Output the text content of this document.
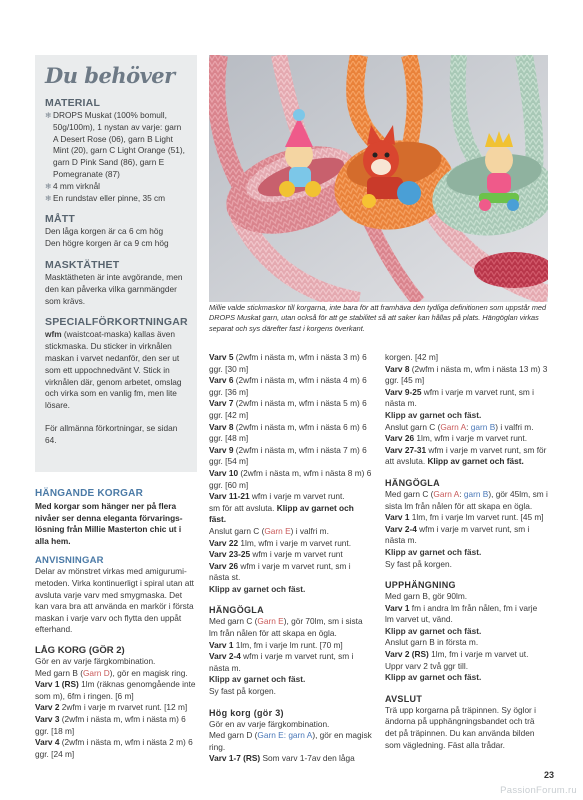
Du behöver
MATERIAL
❄ DROPS Muskat (100% bomull, 50g/100m), 1 nystan av varje: garn A Desert Rose (06), garn B Light Mint (20), garn C Light Orange (51), garn D Pink Sand (86), garn E Pomegranate (87)
❄ 4 mm virknål
❄ En rundstav eller pinne, 35 cm
MÅTT
Den låga korgen är ca 6 cm hög
Den högre korgen är ca 9 cm hög
MASKTÄTHET
Masktätheten är inte avgörande, men den kan påverka vilka garnmängder som krävs.
SPECIALFÖRKORTNINGAR
wfm (waistcoat-maska) kallas även stickmaska. Du sticker in virknålen maskan i varvet nedanför, den ser ut som ett uppochnedvänt V. Stick in virknålen där, genom arbetet, omslag och virka som en vanlig fm, men lite lösare.
För allmänna förkortningar, se sidan 64.
Millie valde stickmaskor till korgarna, inte bara för att framhäva den tydliga definitionen som uppstår med DROPS Muskat garn, utan också för att ge stabilitet så att saker kan hållas på plats. Hängöglan virkas separat och sys därefter fast i korgens överkant.
HÄNGANDE KORGAR
Med korgar som hänger ner på flera nivåer ser denna eleganta förvaringslösning från Millie Masterton chic ut i alla hem.
ANVISNINGAR
Delar av mönstret virkas med amigurumimetoden. Virka kontinuerligt i spiral utan att avsluta varje varv med smygmaska. Det kan vara bra att använda en markör i första maskan i varje varv och flytta den uppåt efterhand.
LÅG KORG (GÖR 2)
Gör en av varje färgkombination.
Med garn B (Garn D), gör en magisk ring.
Varv 1 (RS) 1lm (räknas genomgående inte som m), 6fm i ringen. [6 m]
Varv 2 2wfm i varje m rvarvet runt. [12 m]
Varv 3 (2wfm i nästa m, wfm i nästa m) 6 ggr. [18 m]
Varv 4 (2wfm i nästa m, wfm i nästa 2 m) 6 ggr. [24 m]
Varv 5 (2wfm i nästa m, wfm i nästa 3 m) 6 ggr. [30 m]
Varv 6 (2wfm i nästa m, wfm i nästa 4 m) 6 ggr. [36 m]
Varv 7 (2wfm i nästa m, wfm i nästa 5 m) 6 ggr. [42 m]
Varv 8 (2wfm i nästa m, wfm i nästa 6 m) 6 ggr. [48 m]
Varv 9 (2wfm i nästa m, wfm i nästa 7 m) 6 ggr. [54 m]
Varv 10 (2wfm i nästa m, wfm i nästa 8 m) 6 ggr. [60 m]
Varv 11-21 wfm i varje m varvet runt.
sm för att avsluta. Klipp av garnet och fäst.
Anslut garn C (Garn E) i valfri m.
Varv 22 1lm, wfm i varje m varvet runt.
Varv 23-25 wfm i varje m varvet runt
Varv 26 wfm i varje m varvet runt, sm i nästa st.
Klipp av garnet och fäst.
HÄNGÖGLA
Med garn C (Garn E), gör 70lm, sm i sista lm från nålen för att skapa en ögla.
Varv 1 1lm, fm i varje lm runt. [70 m]
Varv 2-4 wfm i varje m varvet runt, sm i nästa m.
Klipp av garnet och fäst.
Sy fast på korgen.
Hög korg (gör 3)
Gör en av varje färgkombination.
Med garn D (Garn E: garn A), gör en magisk ring.
Varv 1-7 (RS) Som varv 1-7av den låga
korgen. [42 m]
Varv 8 (2wfm i nästa m, wfm i nästa 13 m) 3 ggr. [45 m]
Varv 9-25 wfm i varje m varvet runt, sm i nästa m.
Klipp av garnet och fäst.
Anslut garn C (Garn A: garn B) i valfri m.
Varv 26 1lm, wfm i varje m varvet runt.
Varv 27-31 wfm i varje m varvet runt, sm för att avsluta. Klipp av garnet och fäst.
HÄNGÖGLA
Med garn C (Garn A: garn B), gör 45lm, sm i sista lm från nålen för att skapa en ögla.
Varv 1 1lm, fm i varje lm varvet runt. [45 m]
Varv 2-4 wfm i varje m varvet runt, sm i nästa m.
Klipp av garnet och fäst.
Sy fast på korgen.
UPPHÄNGNING
Med garn B, gör 90lm.
Varv 1 fm i andra lm från nålen, fm i varje lm varvet ut, vänd.
Klipp av garnet och fäst.
Anslut garn B in första m.
Varv 2 (RS) 1lm, fm i varje m varvet ut.
Uppr varv 2 två ggr till.
Klipp av garnet och fäst.
AVSLUT
Trä upp korgarna på träpinnen. Sy öglor i ändorna på upphängningsbandet och trä det på träpinnen. Du kan använda bilden som vägledning. Fäst alla trådar.
23
PassionForum.ru
